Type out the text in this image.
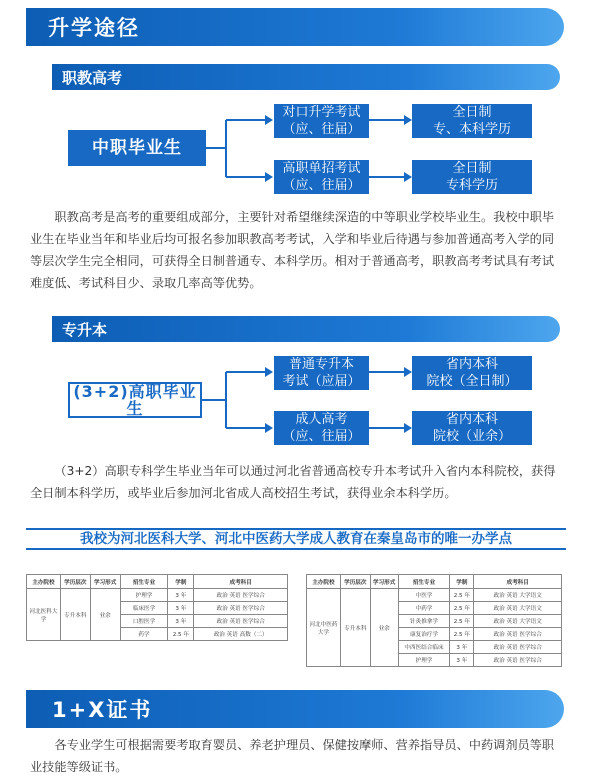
升学途径
职教高考
中职毕业生
对口升学考试
（应、往届）
高职单招考试
（应、往届）
全日制
专、本科学历
全日制
专科学历
职教高考是高考的重要组成部分，主要针对希望继续深造的中等职业学校毕业生。我校中职毕业生在毕业当年和毕业后均可报名参加职教高考考试，入学和毕业后待遇与参加普通高考入学的同等层次学生完全相同，可获得全日制普通专、本科学历。相对于普通高考，职教高考考试具有考试难度低、考试科目少、录取几率高等优势。
专升本
(3+2)高职毕业生
普通专升本
考试（应届）
成人高考
（应、往届）
省内本科
院校（全日制）
省内本科
院校（业余）
（3+2）高职专科学生毕业当年可以通过河北省普通高校专升本考试升入省内本科院校，获得全日制本科学历，或毕业后参加河北省成人高校招生考试，获得业余本科学历。
我校为河北医科大学、河北中医药大学成人教育在秦皇岛市的唯一办学点
主办院校	学历层次	学习形式	招生专业	学制	成考科目
河北医科大学	专升本科	业余	护理学	3 年	政治 英语 医学综合
			临床医学	3 年	政治 英语 医学综合
			口腔医学	3 年	政治 英语 医学综合
			药学	2.5 年	政治 英语 高数（二）
主办院校	学历层次	学习形式	招生专业	学制	成考科目
河北中医药大学	专升本科	业余	中医学	2.5 年	政治 英语 大学语文
			中药学	2.5 年	政治 英语 大学语文
			针灸推拿学	2.5 年	政治 英语 大学语文
			康复治疗学	2.5 年	政治 英语 医学综合
			中西医结合临床	3 年	政治 英语 医学综合
			护理学	3 年	政治 英语 医学综合
1+X证书
各专业学生可根据需要考取育婴员、养老护理员、保健按摩师、营养指导员、中药调剂员等职业技能等级证书。
